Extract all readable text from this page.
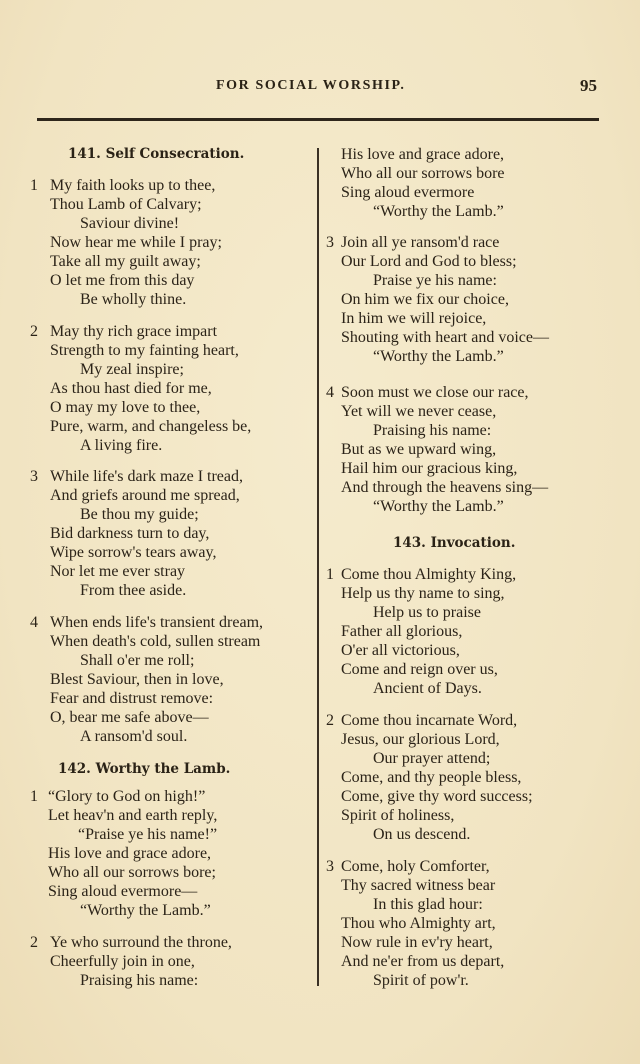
FOR SOCIAL WORSHIP.	95
141. Self Consecration.
1 My faith looks up to thee,
Thou Lamb of Calvary;
Saviour divine!
Now hear me while I pray;
Take all my guilt away;
O let me from this day
Be wholly thine.
2 May thy rich grace impart
Strength to my fainting heart,
My zeal inspire;
As thou hast died for me,
O may my love to thee,
Pure, warm, and changeless be,
A living fire.
3 While life's dark maze I tread,
And griefs around me spread,
Be thou my guide;
Bid darkness turn to day,
Wipe sorrow's tears away,
Nor let me ever stray
From thee aside.
4 When ends life's transient dream,
When death's cold, sullen stream
Shall o'er me roll;
Blest Saviour, then in love,
Fear and distrust remove:
O, bear me safe above—
A ransom'd soul.
142. Worthy the Lamb.
1 “Glory to God on high!”
Let heav'n and earth reply,
“Praise ye his name!”
His love and grace adore,
Who all our sorrows bore;
Sing aloud evermore—
“Worthy the Lamb.”
2 Ye who surround the throne,
Cheerfully join in one,
Praising his name:
His love and grace adore,
Who all our sorrows bore
Sing aloud evermore
“Worthy the Lamb.”
3 Join all ye ransom'd race
Our Lord and God to bless;
Praise ye his name:
On him we fix our choice,
In him we will rejoice,
Shouting with heart and voice—
“Worthy the Lamb.”
4 Soon must we close our race,
Yet will we never cease,
Praising his name:
But as we upward wing,
Hail him our gracious king,
And through the heavens sing—
“Worthy the Lamb.”
143. Invocation.
1 Come thou Almighty King,
Help us thy name to sing,
Help us to praise
Father all glorious,
O'er all victorious,
Come and reign over us,
Ancient of Days.
2 Come thou incarnate Word,
Jesus, our glorious Lord,
Our prayer attend;
Come, and thy people bless,
Come, give thy word success;
Spirit of holiness,
On us descend.
3 Come, holy Comforter,
Thy sacred witness bear
In this glad hour:
Thou who Almighty art,
Now rule in ev'ry heart,
And ne'er from us depart,
Spirit of pow'r.
